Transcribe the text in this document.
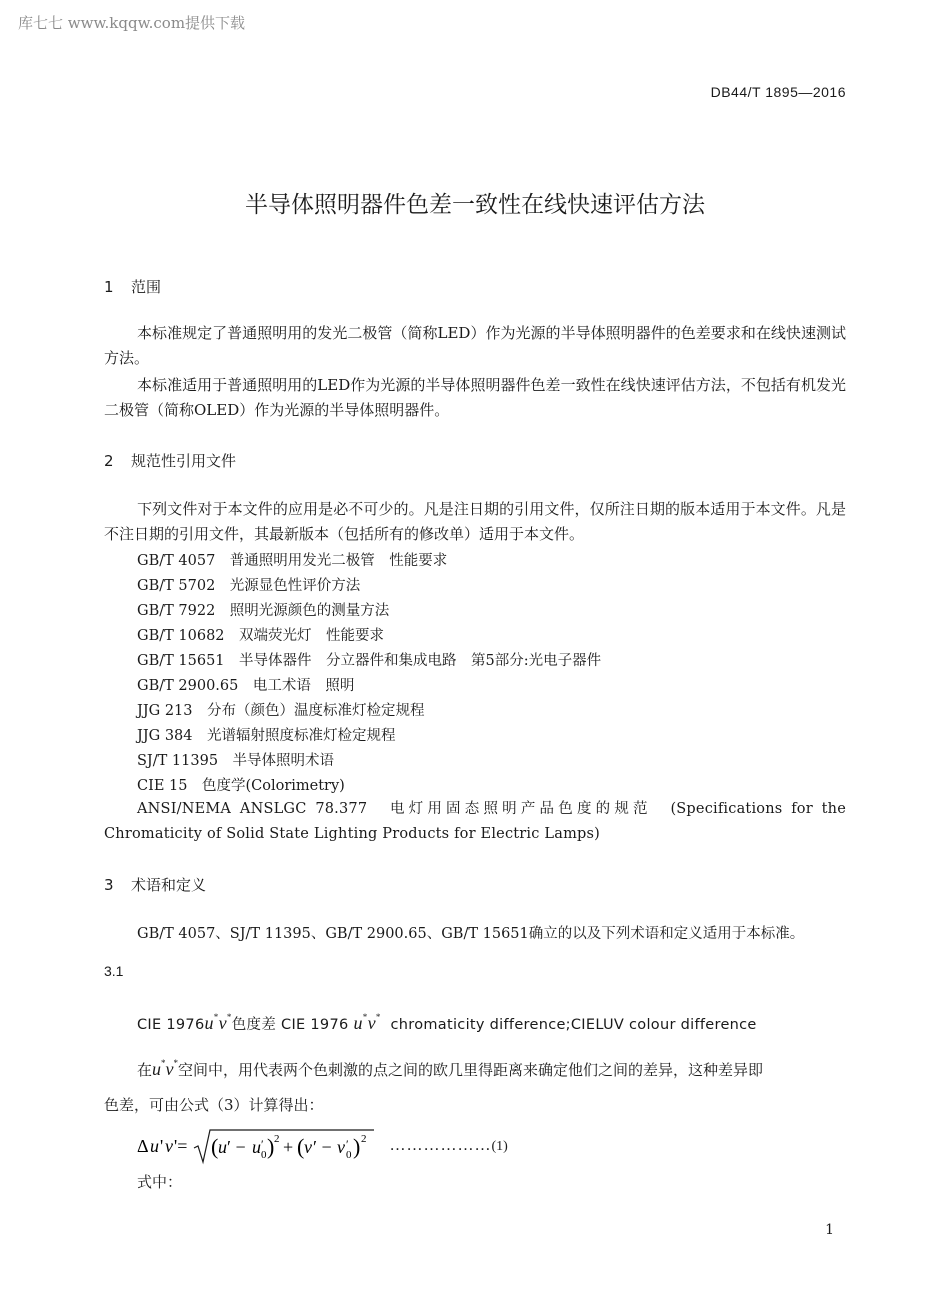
库七七 www.kqqw.com提供下载
DB44/T 1895—2016
半导体照明器件色差一致性在线快速评估方法
1 范围
本标准规定了普通照明用的发光二极管（简称LED）作为光源的半导体照明器件的色差要求和在线快速测试方法。
本标准适用于普通照明用的LED作为光源的半导体照明器件色差一致性在线快速评估方法，不包括有机发光二极管（简称OLED）作为光源的半导体照明器件。
2 规范性引用文件
下列文件对于本文件的应用是必不可少的。凡是注日期的引用文件，仅所注日期的版本适用于本文件。凡是不注日期的引用文件，其最新版本（包括所有的修改单）适用于本文件。
GB/T 4057　普通照明用发光二极管　性能要求
GB/T 5702　光源显色性评价方法
GB/T 7922　照明光源颜色的测量方法
GB/T 10682　双端荧光灯　性能要求
GB/T 15651　半导体器件　分立器件和集成电路　第5部分:光电子器件
GB/T 2900.65　电工术语　照明
JJG 213　分布（颜色）温度标准灯检定规程
JJG 384　光谱辐射照度标准灯检定规程
SJ/T 11395　半导体照明术语
CIE 15　色度学(Colorimetry)
ANSI/NEMA ANSLGC 78.377　电灯用固态照明产品色度的规范　(Specifications for the Chromaticity of Solid State Lighting Products for Electric Lamps)
3 术语和定义
GB/T 4057、SJ/T 11395、GB/T 2900.65、GB/T 15651确立的以及下列术语和定义适用于本标准。
3.1
CIE 1976u*v*色度差 CIE 1976 u*v* chromaticity difference;CIELUV colour difference
在u*v*空间中，用代表两个色刺激的点之间的欧几里得距离来确定他们之间的差异，这种差异即
色差，可由公式（3）计算得出：
Δ u ' v '= ( u ′ − u ′
0 ) 2 + ( v ′ − v ′
0 ) 2 ………………(1)
式中：
1
